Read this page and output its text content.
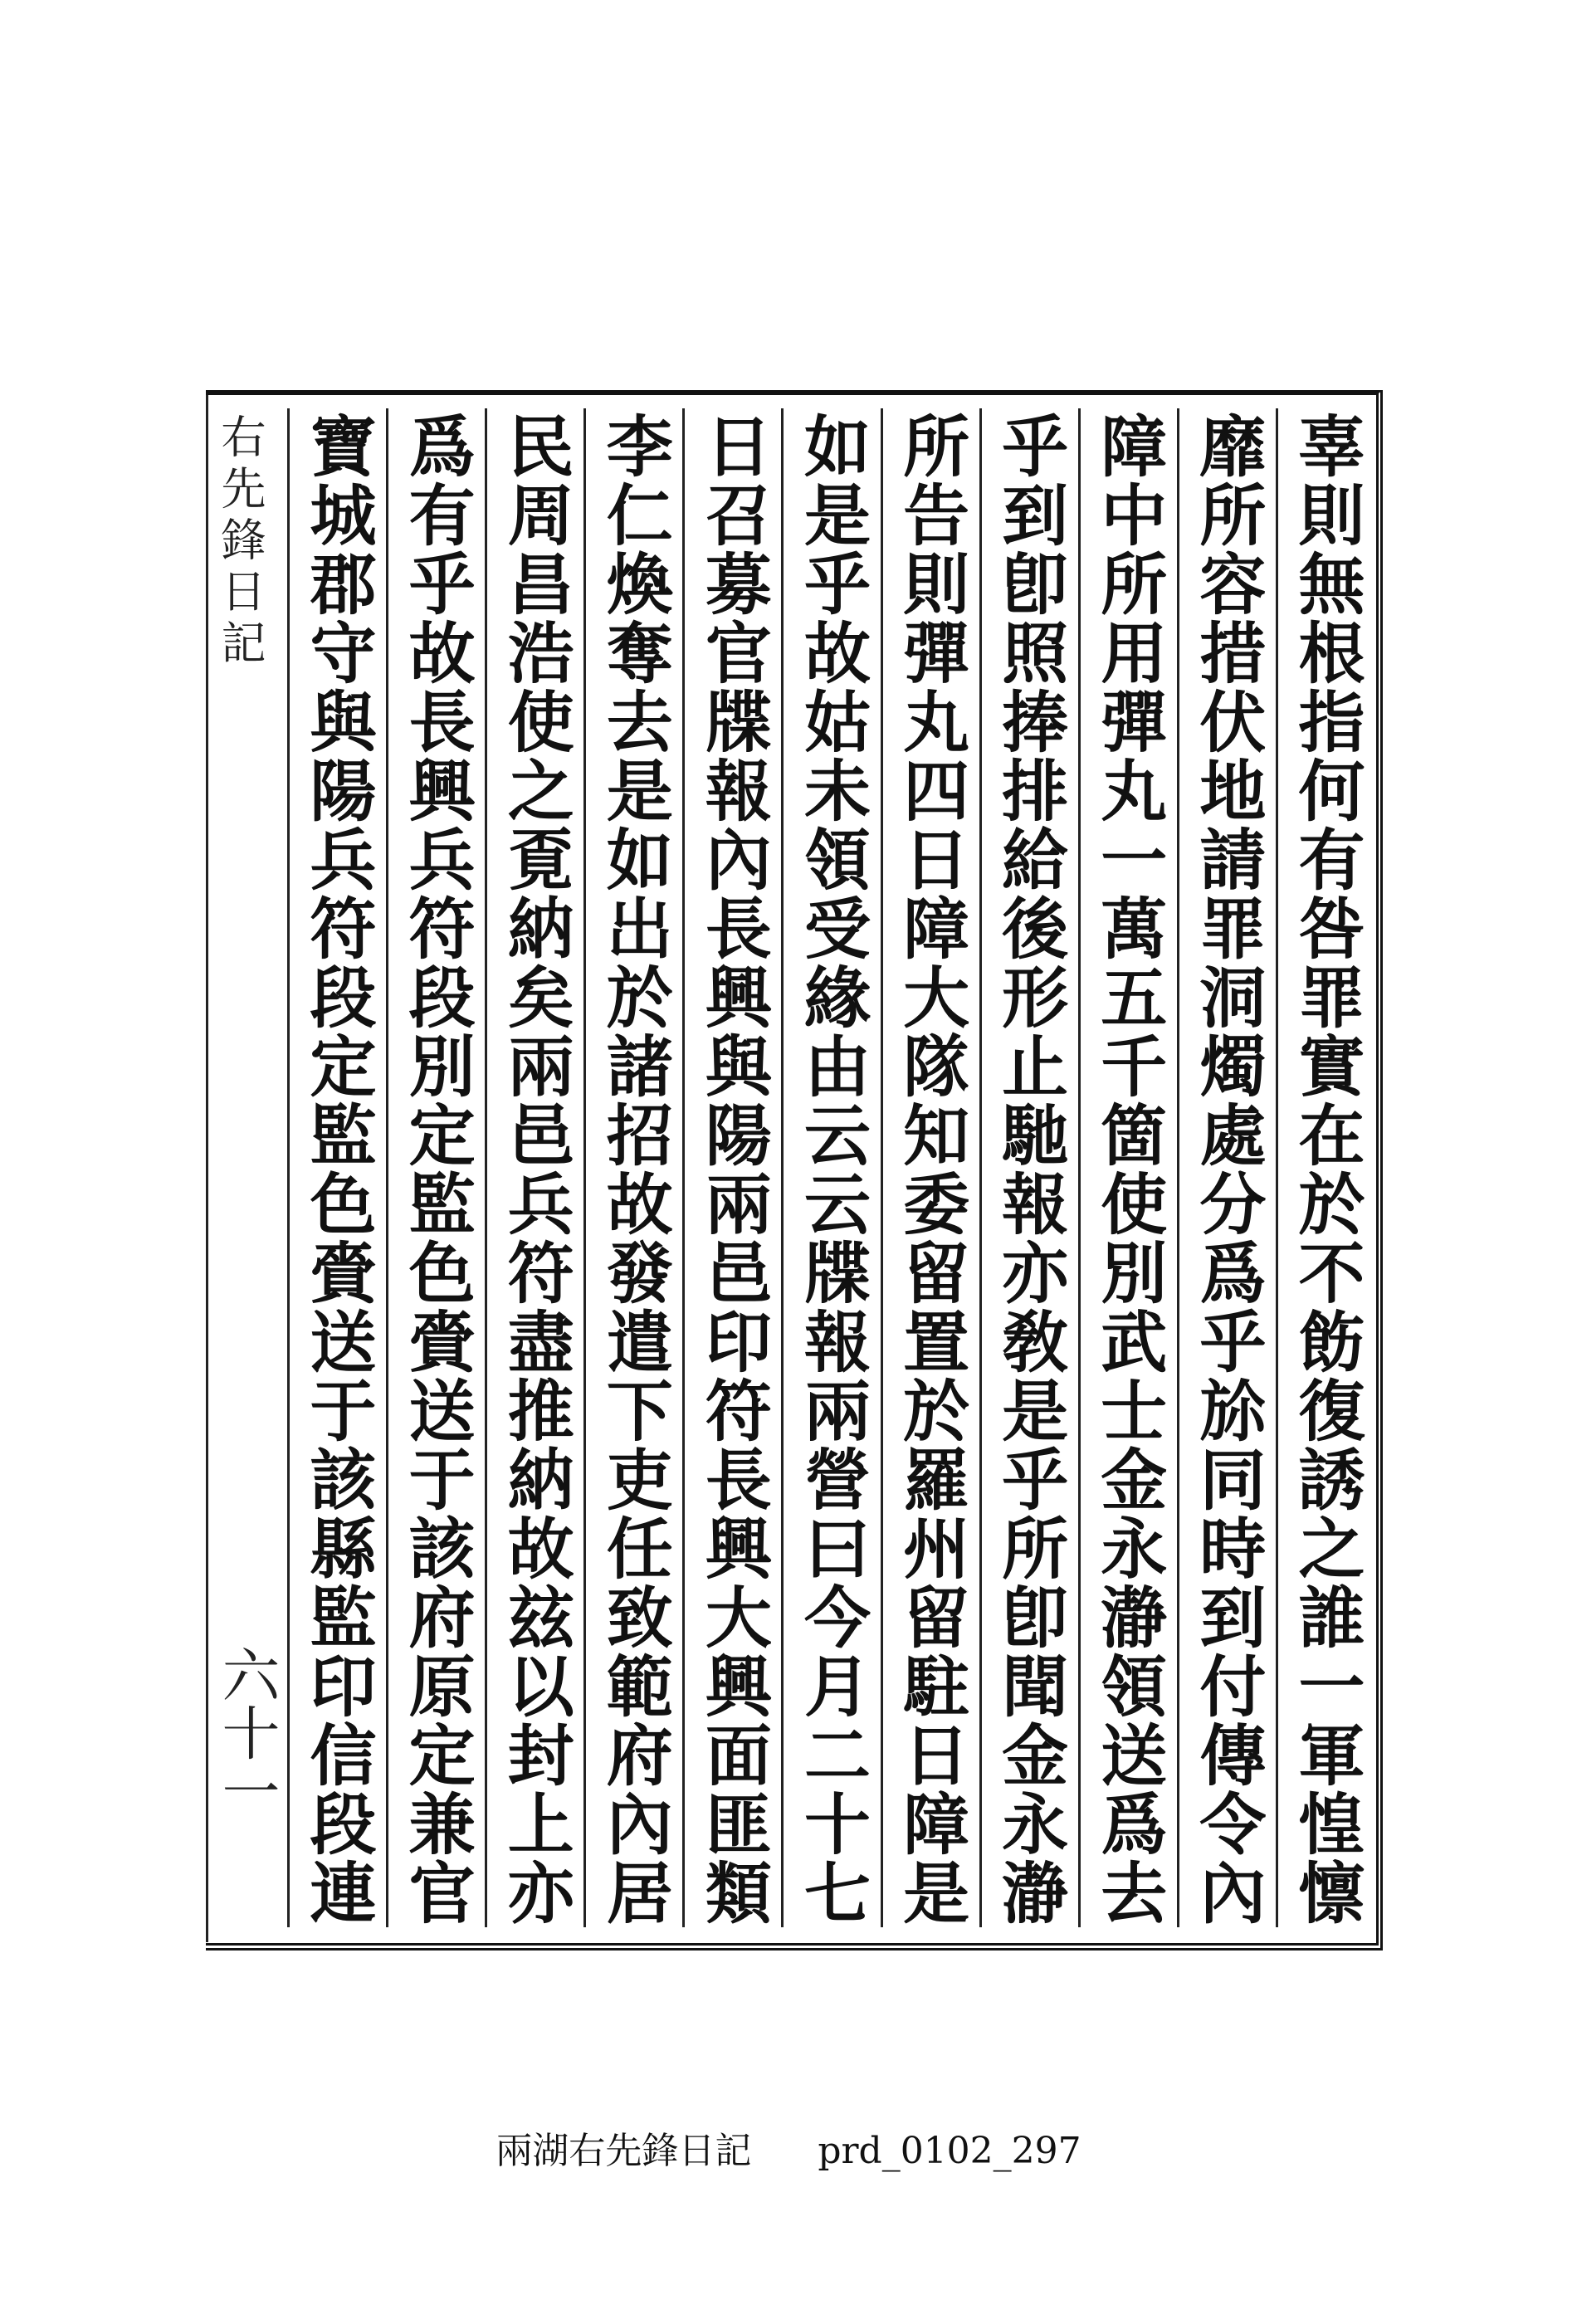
右先鋒日記
六十一	辜則無根指何有咎罪實在於不飭復誘之誰一軍惶懔
靡所容措伏地請罪洞燭處分爲乎㫆同時到付傳令內
障中所用彈丸一萬五千箇使別武士金永瀞領送爲去
乎到卽照捧排給後形止馳報亦敎是乎所卽聞金永瀞
所告則彈丸四日障大隊知委留置於羅州留駐日障是
如是乎故姑未領受緣由云云牒報兩營曰今月二十七
日召募官牒報內長興與陽兩邑印符長興大興面匪類
李仁煥奪去是如出於諸招故發遣下吏任致範府內居
民周昌浩使之覔納矣兩邑兵符盡推納故玆以封上亦
爲有乎故長興兵符段別定監色賫送于該府原定兼官
寶城郡守與陽兵符段定監色賫送于該縣監印信段連
兩湖右先鋒日記 prd_0102_297
